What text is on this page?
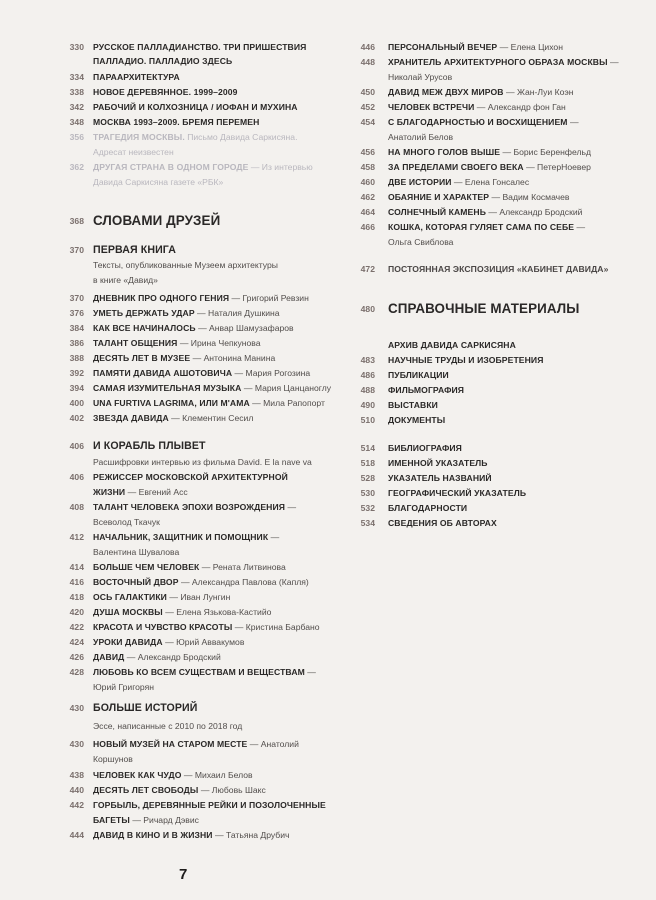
330 РУССКОЕ ПАЛЛАДИАНСТВО. ТРИ ПРИШЕСТВИЯ
ПАЛЛАДИО. ПАЛЛАДИО ЗДЕСЬ
334 ПАРААРХИТЕКТУРА
338 НОВОЕ ДЕРЕВЯННОЕ. 1999–2009
342 РАБОЧИЙ И КОЛХОЗНИЦА / ИОФАН И МУХИНА
348 МОСКВА 1993–2009. БРЕМЯ ПЕРЕМЕН
356 ТРАГЕДИЯ МОСКВЫ. Письмо Давида Саркисяна.
Адресат неизвестен
362 ДРУГАЯ СТРАНА В ОДНОМ ГОРОДЕ — Из интервью
Давида Саркисяна газете «РБК»
368 СЛОВАМИ ДРУЗЕЙ
370 ПЕРВАЯ КНИГА
Тексты, опубликованные Музеем архитектуры
в книге «Давид»
370 ДНЕВНИК ПРО ОДНОГО ГЕНИЯ — Григорий Ревзин
376 УМЕТЬ ДЕРЖАТЬ УДАР — Наталия Душкина
384 КАК ВСЕ НАЧИНАЛОСЬ — Анвар Шамузафаров
386 ТАЛАНТ ОБЩЕНИЯ — Ирина Чепкунова
388 ДЕСЯТЬ ЛЕТ В МУЗЕЕ — Антонина Манина
392 ПАМЯТИ ДАВИДА АШОТОВИЧА — Мария Рогозина
394 САМАЯ ИЗУМИТЕЛЬНАЯ МУЗЫКА — Мария Цанцаноглу
400 UNA FURTIVA LAGRIMA, ИЛИ М'АМА — Мила Рапопорт
402 ЗВЕЗДА ДАВИДА — Клементин Сесил
406 И КОРАБЛЬ ПЛЫВЕТ
Расшифровки интервью из фильма David. E la nave va
406 РЕЖИССЕР МОСКОВСКОЙ АРХИТЕКТУРНОЙ
ЖИЗНИ — Евгений Асс
408 ТАЛАНТ ЧЕЛОВЕКА ЭПОХИ ВОЗРОЖДЕНИЯ —
Всеволод Ткачук
412 НАЧАЛЬНИК, ЗАЩИТНИК И ПОМОЩНИК —
Валентина Шувалова
414 БОЛЬШЕ ЧЕМ ЧЕЛОВЕК — Рената Литвинова
416 ВОСТОЧНЫЙ ДВОР — Александра Павлова (Капля)
418 ОСЬ ГАЛАКТИКИ — Иван Лунгин
420 ДУША МОСКВЫ — Елена Язькова-Кастийо
422 КРАСОТА И ЧУВСТВО КРАСОТЫ — Кристина Барбано
424 УРОКИ ДАВИДА — Юрий Аввакумов
426 ДАВИД — Александр Бродский
428 ЛЮБОВЬ КО ВСЕМ СУЩЕСТВАМ И ВЕЩЕСТВАМ —
Юрий Григорян
430 БОЛЬШЕ ИСТОРИЙ
Эссе, написанные с 2010 по 2018 год
430 НОВЫЙ МУЗЕЙ НА СТАРОМ МЕСТЕ — Анатолий
Коршунов
438 ЧЕЛОВЕК КАК ЧУДО — Михаил Белов
440 ДЕСЯТЬ ЛЕТ СВОБОДЫ — Любовь Шакс
442 ГОРБЫЛЬ, ДЕРЕВЯННЫЕ РЕЙКИ И ПОЗОЛОЧЕННЫЕ
БАГЕТЫ — Ричард Дэвис
444 ДАВИД В КИНО И В ЖИЗНИ — Татьяна Друбич
446 ПЕРСОНАЛЬНЫЙ ВЕЧЕР — Елена Цихон
448 ХРАНИТЕЛЬ АРХИТЕКТУРНОГО ОБРАЗА МОСКВЫ —
Николай Урусов
450 ДАВИД МЕЖ ДВУХ МИРОВ — Жан-Луи Коэн
452 ЧЕЛОВЕК ВСТРЕЧИ — Александр фон Ган
454 С БЛАГОДАРНОСТЬЮ И ВОСХИЩЕНИЕМ —
Анатолий Белов
456 НА МНОГО ГОЛОВ ВЫШЕ — Борис Беренфельд
458 ЗА ПРЕДЕЛАМИ СВОЕГО ВЕКА — ПетерНоевер
460 ДВЕ ИСТОРИИ — Елена Гонсалес
462 ОБАЯНИЕ И ХАРАКТЕР — Вадим Космачев
464 СОЛНЕЧНЫЙ КАМЕНЬ — Александр Бродский
466 КОШКА, КОТОРАЯ ГУЛЯЕТ САМА ПО СЕБЕ —
Ольга Свиблова
472 ПОСТОЯННАЯ ЭКСПОЗИЦИЯ «КАБИНЕТ ДАВИДА»
480 СПРАВОЧНЫЕ МАТЕРИАЛЫ
АРХИВ ДАВИДА САРКИСЯНА
483 НАУЧНЫЕ ТРУДЫ И ИЗОБРЕТЕНИЯ
486 ПУБЛИКАЦИИ
488 ФИЛЬМОГРАФИЯ
490 ВЫСТАВКИ
510 ДОКУМЕНТЫ
514 БИБЛИОГРАФИЯ
518 ИМЕННОЙ УКАЗАТЕЛЬ
528 УКАЗАТЕЛЬ НАЗВАНИЙ
530 ГЕОГРАФИЧЕСКИЙ УКАЗАТЕЛЬ
532 БЛАГОДАРНОСТИ
534 СВЕДЕНИЯ ОБ АВТОРАХ
7
